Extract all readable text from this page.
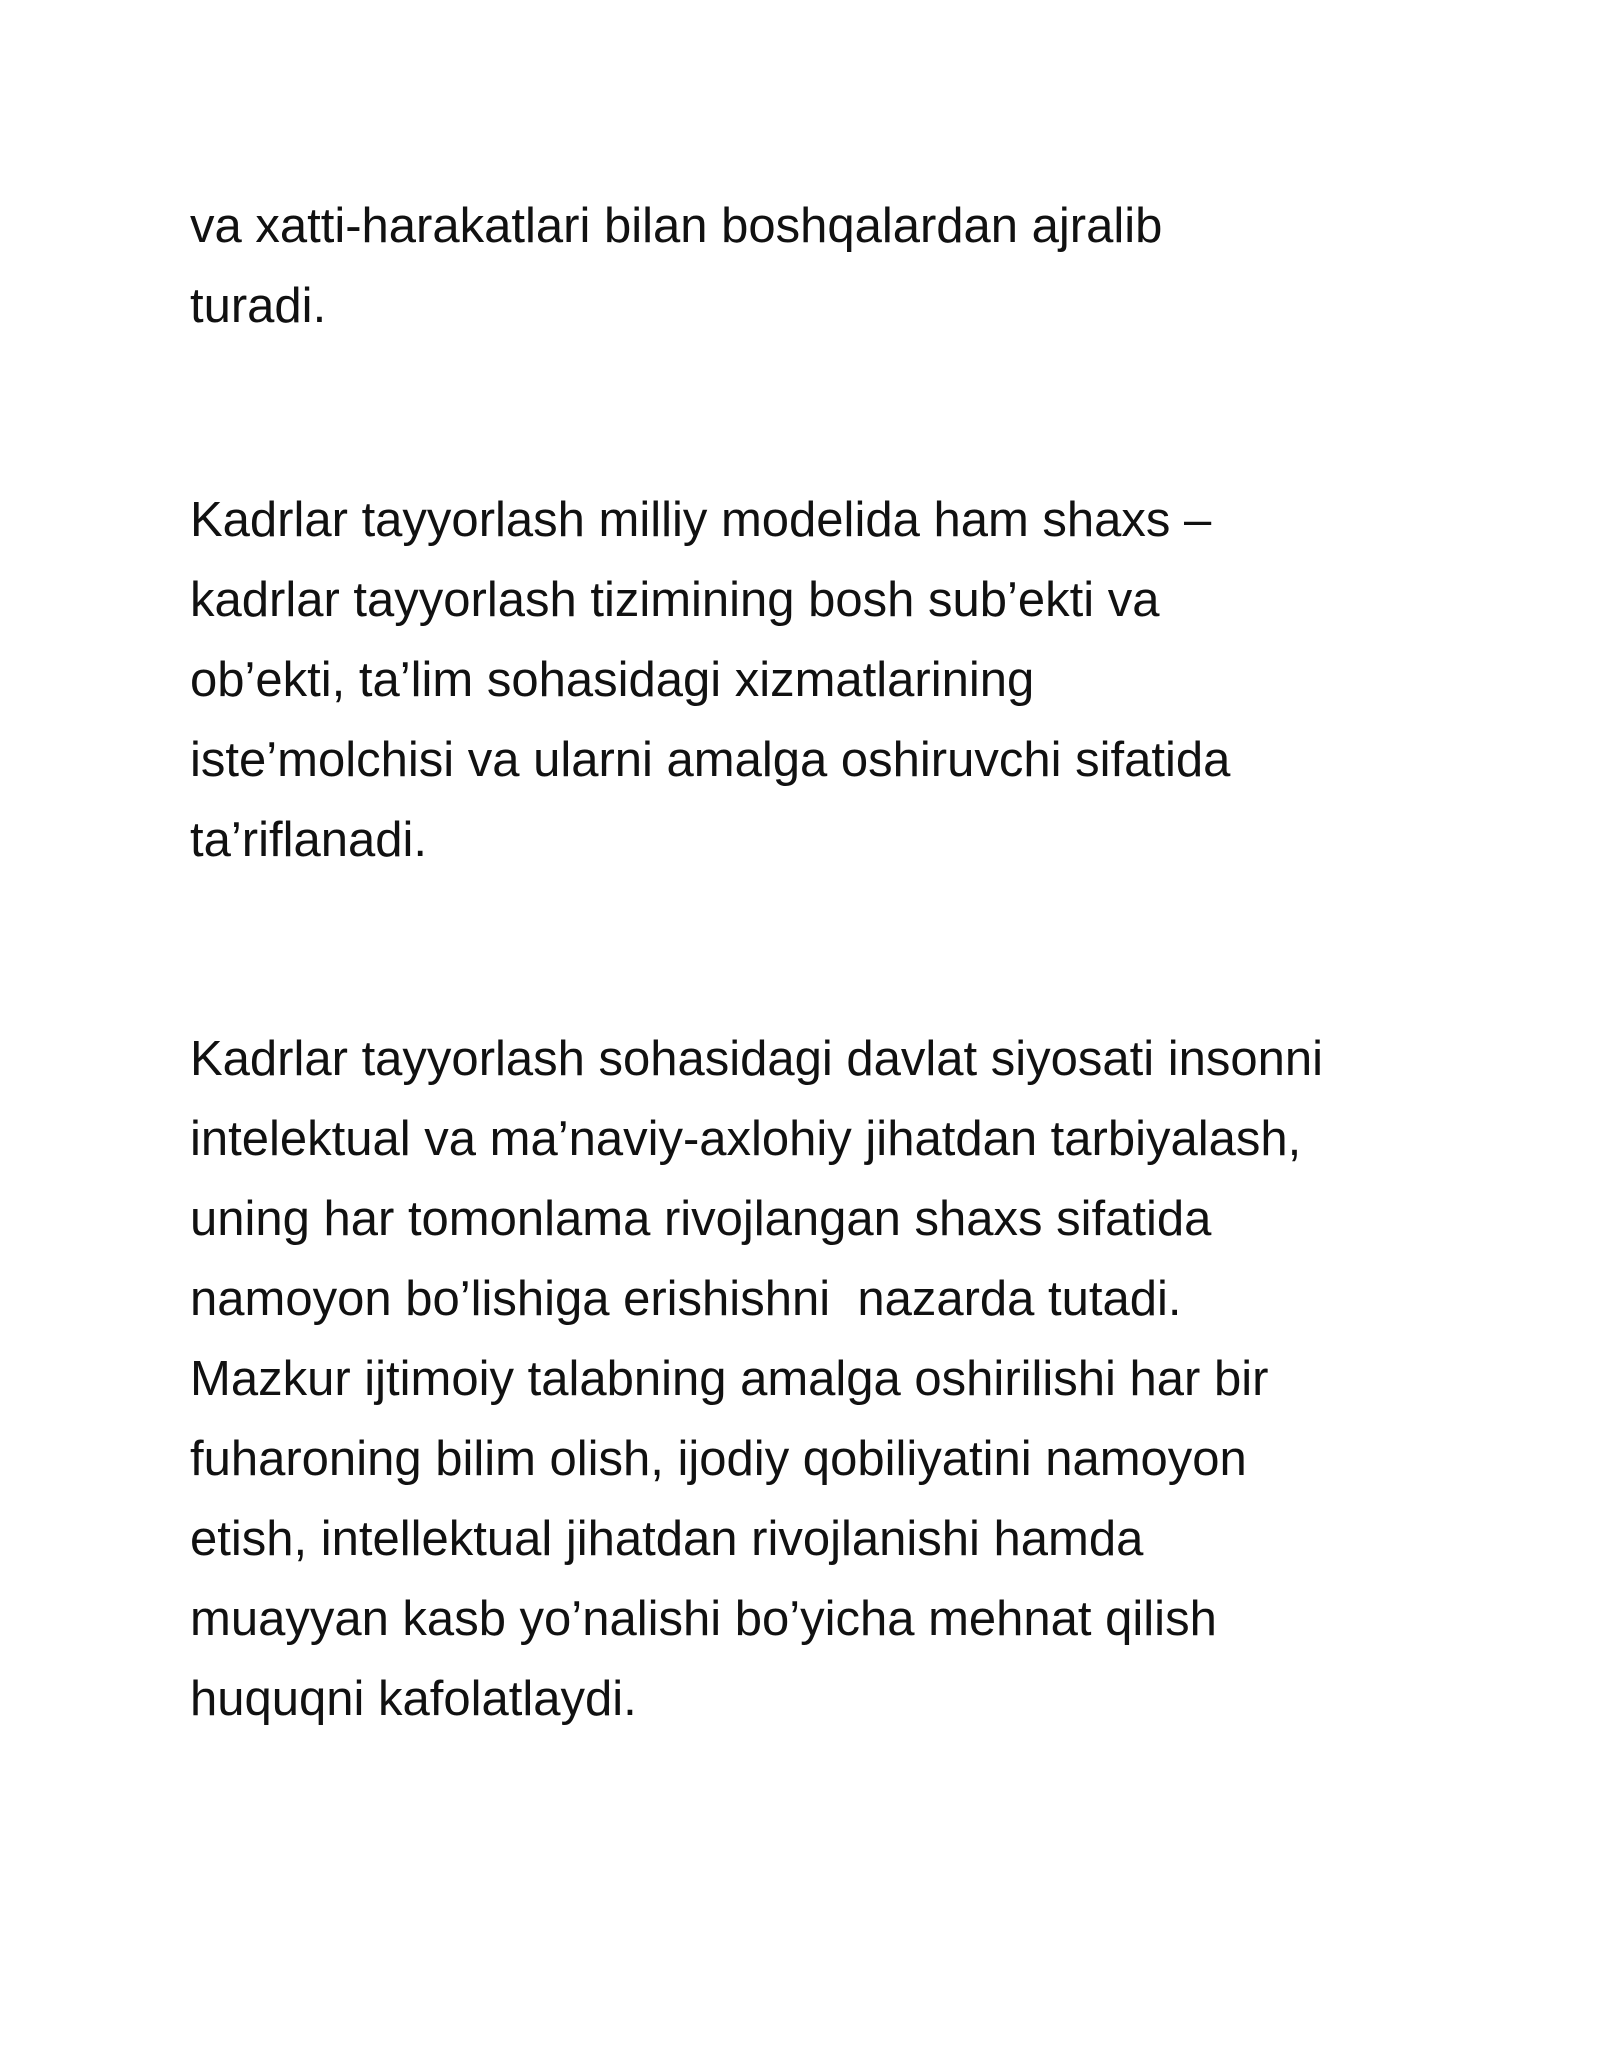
va xatti-harakatlari bilan boshqalardan ajralib
turadi.
Kadrlar tayyorlash milliy modelida ham shaxs –
kadrlar tayyorlash tizimining bosh sub’ekti va
ob’ekti, ta’lim sohasidagi xizmatlarining
iste’molchisi va ularni amalga oshiruvchi sifatida
ta’riflanadi.
Kadrlar tayyorlash sohasidagi davlat siyosati insonni
intelektual va ma’naviy-axlohiy jihatdan tarbiyalash,
uning har tomonlama rivojlangan shaxs sifatida
namoyon bo’lishiga erishishni  nazarda tutadi.
Mazkur ijtimoiy talabning amalga oshirilishi har bir
fuharoning bilim olish, ijodiy qobiliyatini namoyon
etish, intellektual jihatdan rivojlanishi hamda
muayyan kasb yo’nalishi bo’yicha mehnat qilish
huquqni kafolatlaydi.
